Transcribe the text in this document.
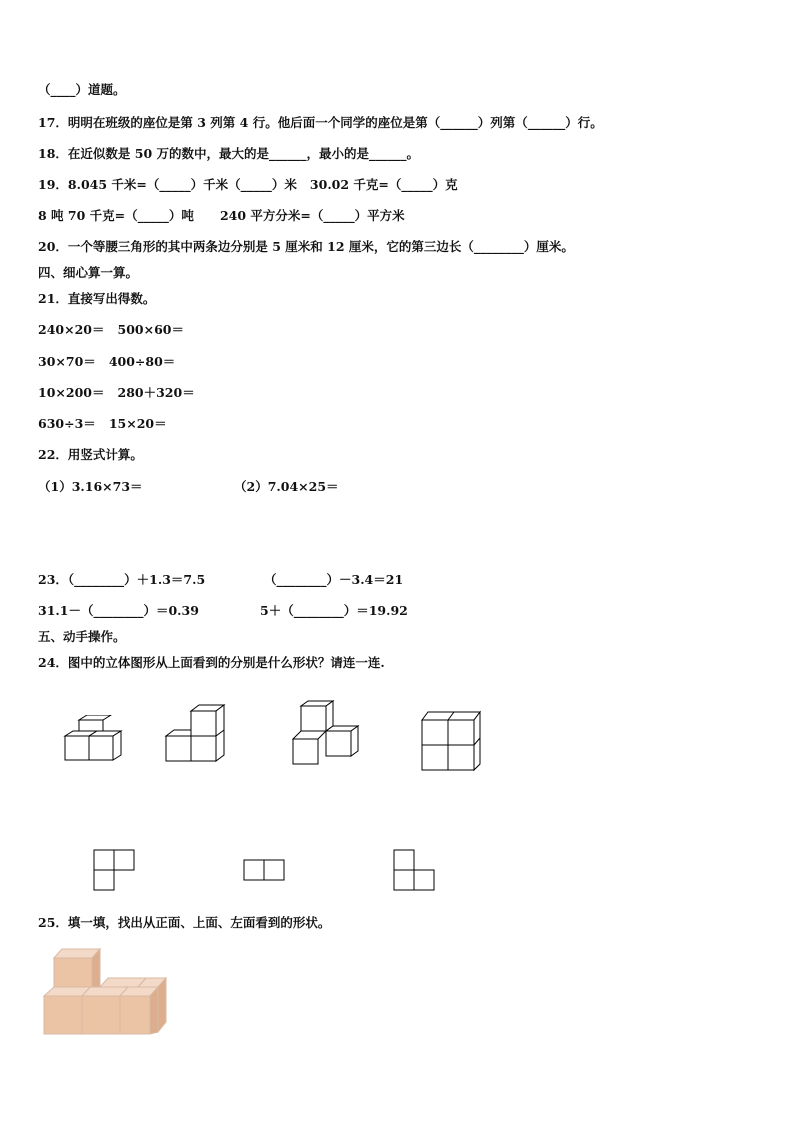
（____）道题。
17．明明在班级的座位是第 3 列第 4 行。他后面一个同学的座位是第（______）列第（______）行。
18．在近似数是 50 万的数中，最大的是______，最小的是______。
19．8.045 千米=（_____）千米（_____）米   30.02 千克=（_____）克
8 吨 70 千克=（_____）吨      240 平方分米=（_____）平方米
20．一个等腰三角形的其中两条边分别是 5 厘米和 12 厘米，它的第三边长（________）厘米。
四、细心算一算。
21．直接写出得数。
240×20＝   500×60＝
30×70＝   400÷80＝
10×200＝   280＋320＝
630÷3＝   15×20＝
22．用竖式计算。
（1）3.16×73＝	（2）7.04×25＝
23．（________）＋1.3＝7.5	（________）－3.4＝21
31.1－（________）＝0.39	5＋（________）＝19.92
五、动手操作。
24．图中的立体图形从上面看到的分别是什么形状？请连一连.
25．填一填，找出从正面、上面、左面看到的形状。
